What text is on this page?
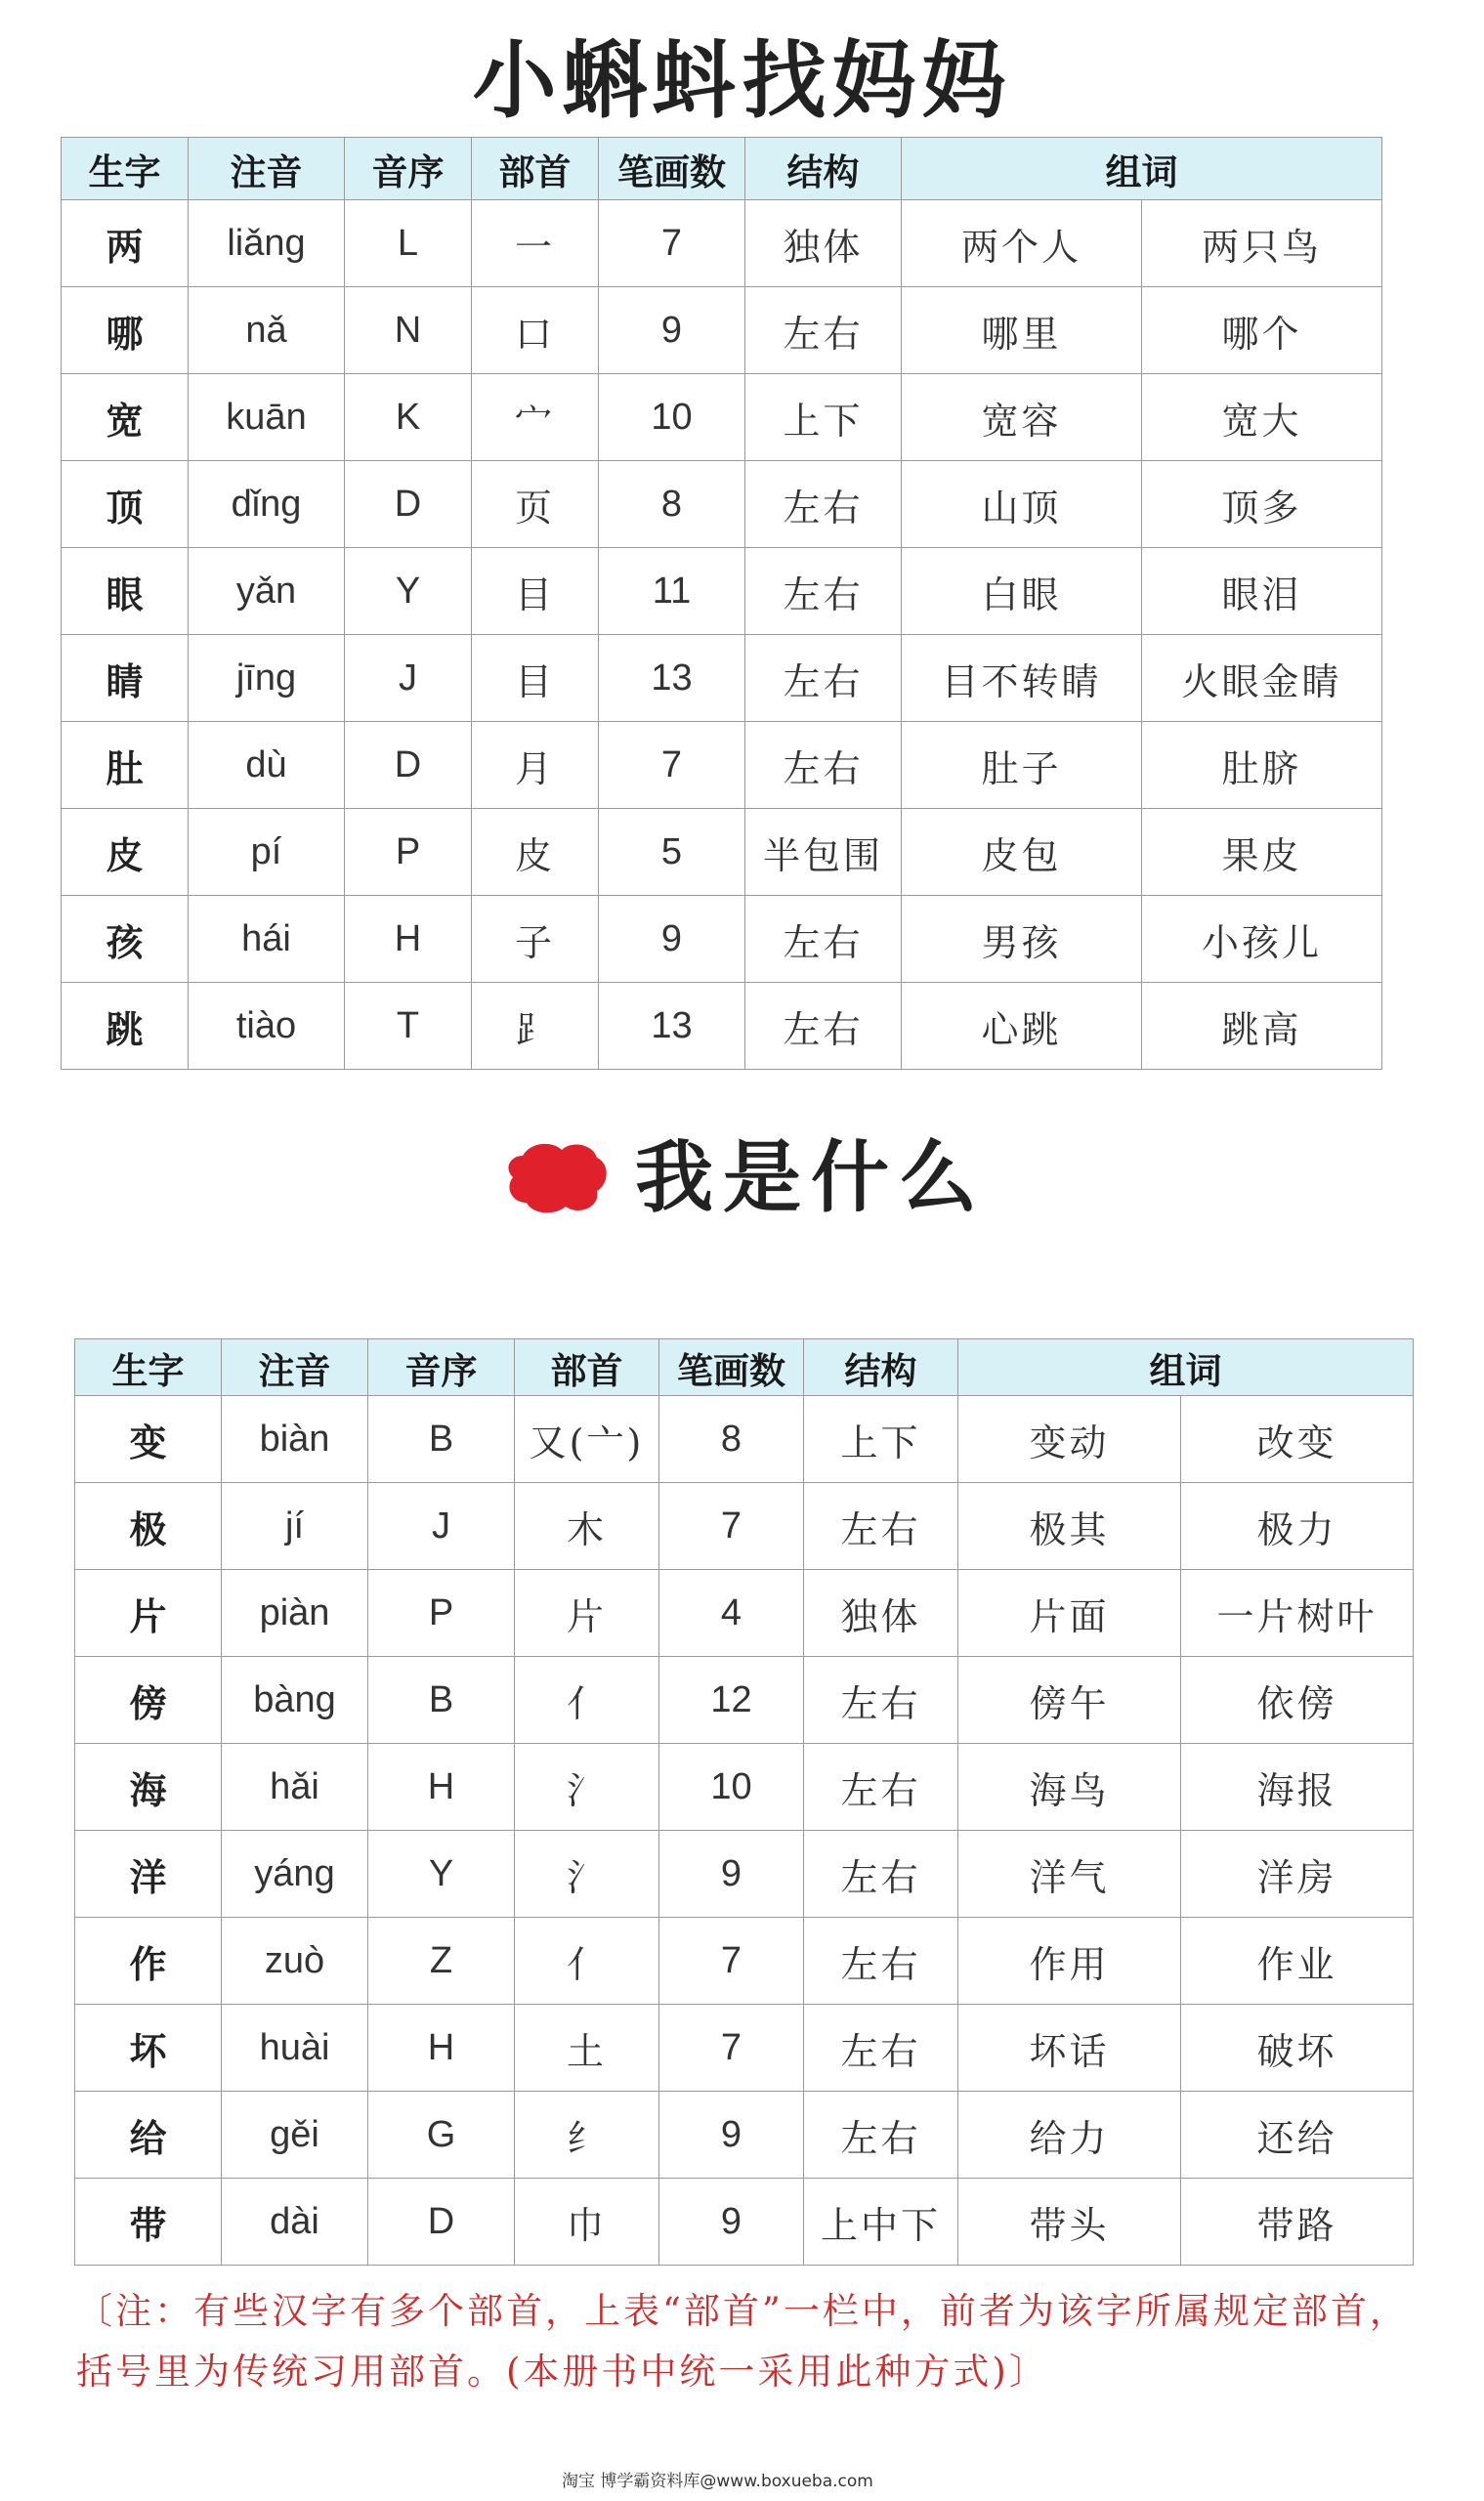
小蝌蚪找妈妈
生字	注音	音序	部首	笔画数	结构	组词	
两	liǎng	L	一	7	独体	两个人	两只鸟
哪	nǎ	N	口	9	左右	哪里	哪个
宽	kuān	K	宀	10	上下	宽容	宽大
顶	dǐng	D	页	8	左右	山顶	顶多
眼	yǎn	Y	目	11	左右	白眼	眼泪
睛	jīng	J	目	13	左右	目不转睛	火眼金睛
肚	dù	D	月	7	左右	肚子	肚脐
皮	pí	P	皮	5	半包围	皮包	果皮
孩	hái	H	子	9	左右	男孩	小孩儿
跳	tiào	T	⻊	13	左右	心跳	跳高
我是什么
生字	注音	音序	部首	笔画数	结构	组词	
变	biàn	B	又(亠)	8	上下	变动	改变
极	jí	J	木	7	左右	极其	极力
片	piàn	P	片	4	独体	片面	一片树叶
傍	bàng	B	亻	12	左右	傍午	依傍
海	hǎi	H	氵	10	左右	海鸟	海报
洋	yáng	Y	氵	9	左右	洋气	洋房
作	zuò	Z	亻	7	左右	作用	作业
坏	huài	H	土	7	左右	坏话	破坏
给	gěi	G	纟	9	左右	给力	还给
带	dài	D	巾	9	上中下	带头	带路
〔注：有些汉字有多个部首，上表“部首”一栏中，前者为该字所属规定部首，
括号里为传统习用部首。(本册书中统一采用此种方式)〕
淘宝 博学霸资料库@www.boxueba.com
